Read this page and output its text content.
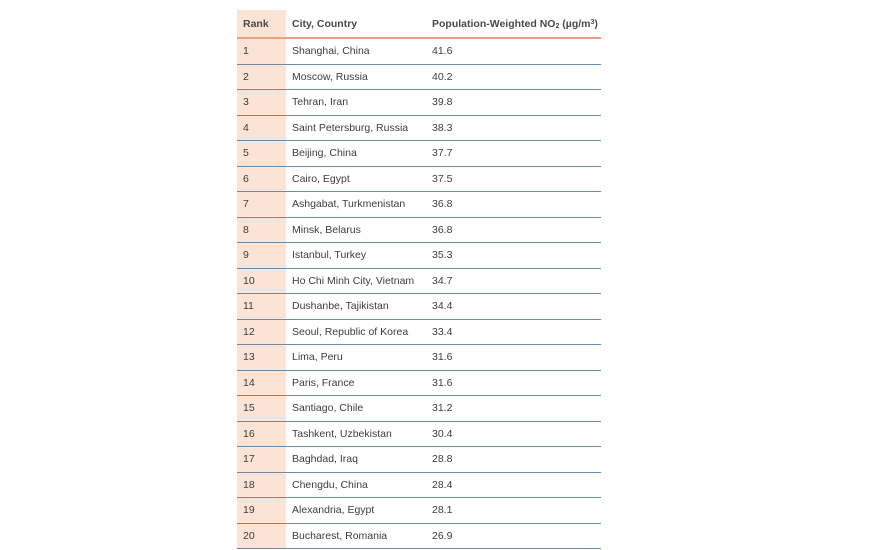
Rank	City, Country	Population-Weighted $NO_2$ $(\mu g/m^3)$
1	Shanghai, China	41.6
2	Moscow, Russia	40.2
3	Tehran, Iran	39.8
4	Saint Petersburg, Russia	38.3
5	Beijing, China	37.7
6	Cairo, Egypt	37.5
7	Ashgabat, Turkmenistan	36.8
8	Minsk, Belarus	36.8
9	Istanbul, Turkey	35.3
10	Ho Chi Minh City, Vietnam	34.7
11	Dushanbe, Tajikistan	34.4
12	Seoul, Republic of Korea	33.4
13	Lima, Peru	31.6
14	Paris, France	31.6
15	Santiago, Chile	31.2
16	Tashkent, Uzbekistan	30.4
17	Baghdad, Iraq	28.8
18	Chengdu, China	28.4
19	Alexandria, Egypt	28.1
20	Bucharest, Romania	26.9
